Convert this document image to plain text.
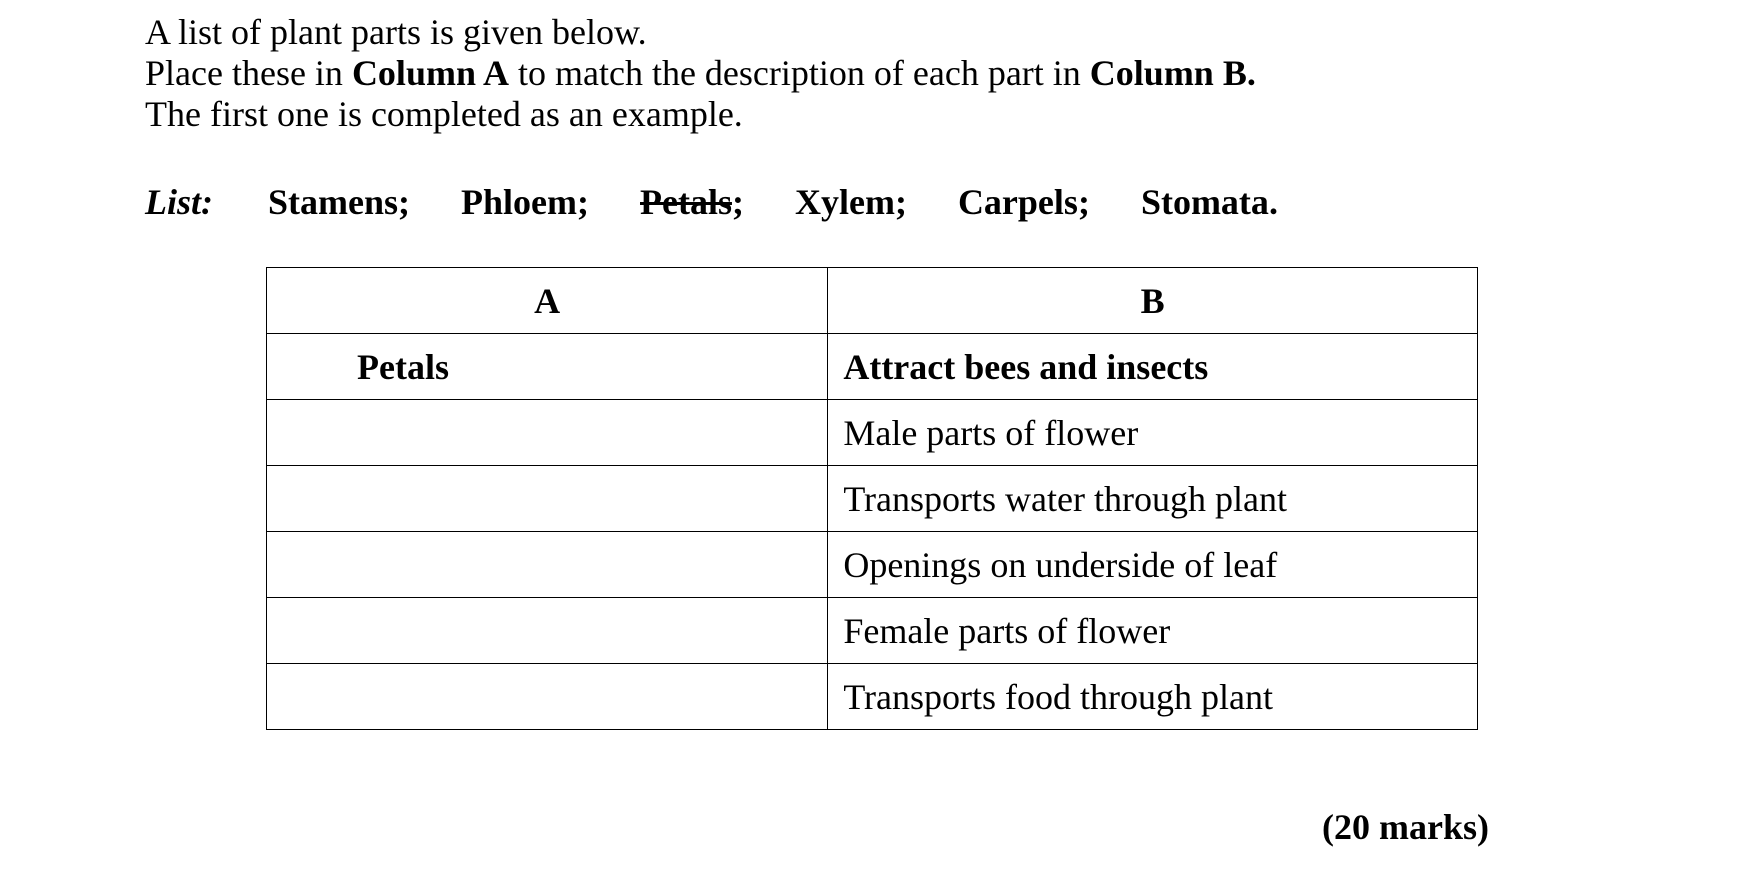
A list of plant parts is given below.
Place these in Column A to match the description of each part in Column B.
The first one is completed as an example.
List: Stamens; Phloem; Petals; Xylem; Carpels; Stomata.
A	B
Petals	Attract bees and insects
	Male parts of flower
	Transports water through plant
	Openings on underside of leaf
	Female parts of flower
	Transports food through plant
(20 marks)
